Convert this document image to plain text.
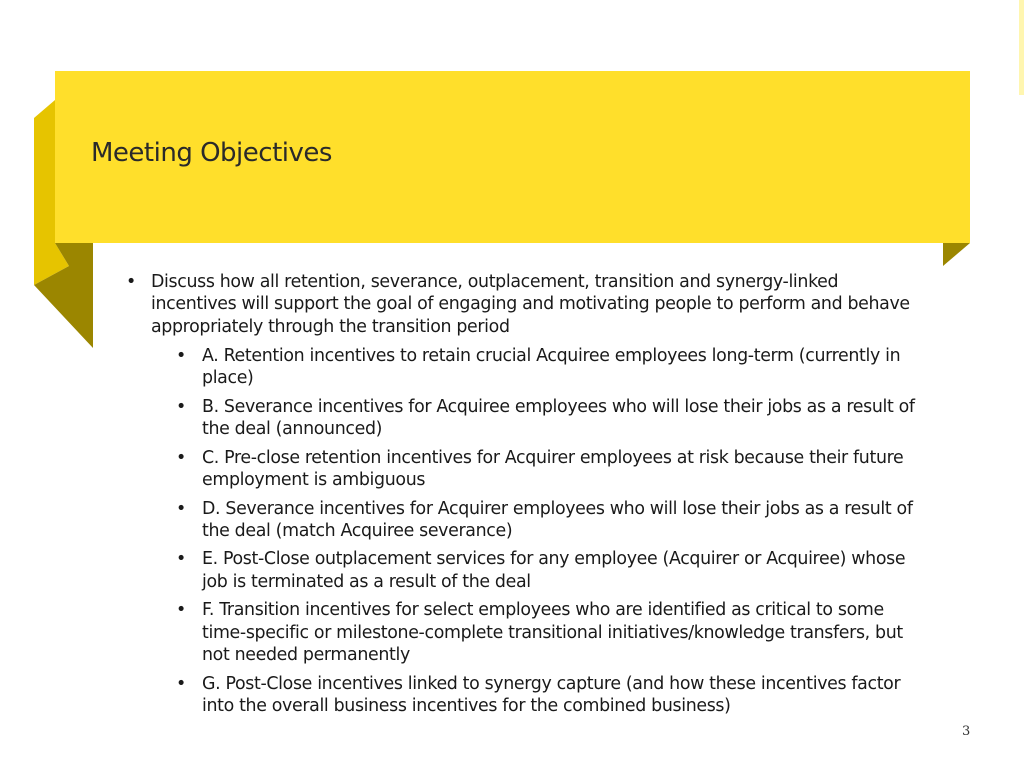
Meeting Objectives
• Discuss how all retention, severance, outplacement, transition and synergy-linked incentives will support the goal of engaging and motivating people to perform and behave appropriately through the transition period
• A. Retention incentives to retain crucial Acquiree employees long-term (currently in place)
• B. Severance incentives for Acquiree employees who will lose their jobs as a result of the deal (announced)
• C. Pre-close retention incentives for Acquirer employees at risk because their future employment is ambiguous
• D. Severance incentives for Acquirer employees who will lose their jobs as a result of the deal (match Acquiree severance)
• E. Post-Close outplacement services for any employee (Acquirer or Acquiree) whose job is terminated as a result of the deal
• F. Transition incentives for select employees who are identified as critical to some time-specific or milestone-complete transitional initiatives/knowledge transfers, but not needed permanently
• G. Post-Close incentives linked to synergy capture (and how these incentives factor into the overall business incentives for the combined business)
3
